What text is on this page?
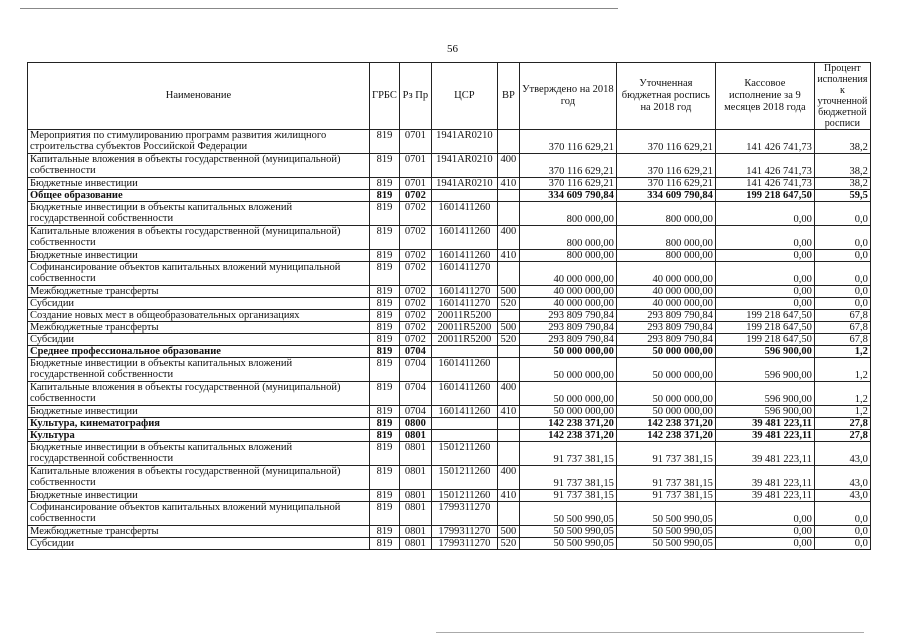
56
Наименование	ГРБС	Рз Пр	ЦСР	ВР	Утверждено на 2018 год	Уточненная бюджетная роспись на 2018 год	Кассовое исполнение за 9 месяцев 2018 года	Процент исполнения к уточненной бюджетной росписи
Мероприятия по стимулированию программ развития жилищного строительства субъектов Российской Федерации	819	0701	1941AR0210		370 116 629,21	370 116 629,21	141 426 741,73	38,2
Капитальные вложения в объекты государственной (муниципальной) собственности	819	0701	1941AR0210	400	370 116 629,21	370 116 629,21	141 426 741,73	38,2
Бюджетные инвестиции	819	0701	1941AR0210	410	370 116 629,21	370 116 629,21	141 426 741,73	38,2
Общее образование	819	0702			334 609 790,84	334 609 790,84	199 218 647,50	59,5
Бюджетные инвестиции в объекты капитальных вложений государственной собственности	819	0702	1601411260		800 000,00	800 000,00	0,00	0,0
Капитальные вложения в объекты государственной (муниципальной) собственности	819	0702	1601411260	400	800 000,00	800 000,00	0,00	0,0
Бюджетные инвестиции	819	0702	1601411260	410	800 000,00	800 000,00	0,00	0,0
Софинансирование объектов капитальных вложений муниципальной собственности	819	0702	1601411270		40 000 000,00	40 000 000,00	0,00	0,0
Межбюджетные трансферты	819	0702	1601411270	500	40 000 000,00	40 000 000,00	0,00	0,0
Субсидии	819	0702	1601411270	520	40 000 000,00	40 000 000,00	0,00	0,0
Создание новых мест в общеобразовательных организациях	819	0702	20011R5200		293 809 790,84	293 809 790,84	199 218 647,50	67,8
Межбюджетные трансферты	819	0702	20011R5200	500	293 809 790,84	293 809 790,84	199 218 647,50	67,8
Субсидии	819	0702	20011R5200	520	293 809 790,84	293 809 790,84	199 218 647,50	67,8
Среднее профессиональное образование	819	0704			50 000 000,00	50 000 000,00	596 900,00	1,2
Бюджетные инвестиции в объекты капитальных вложений государственной собственности	819	0704	1601411260		50 000 000,00	50 000 000,00	596 900,00	1,2
Капитальные вложения в объекты государственной (муниципальной) собственности	819	0704	1601411260	400	50 000 000,00	50 000 000,00	596 900,00	1,2
Бюджетные инвестиции	819	0704	1601411260	410	50 000 000,00	50 000 000,00	596 900,00	1,2
Культура, кинематография	819	0800			142 238 371,20	142 238 371,20	39 481 223,11	27,8
Культура	819	0801			142 238 371,20	142 238 371,20	39 481 223,11	27,8
Бюджетные инвестиции в объекты капитальных вложений государственной собственности	819	0801	1501211260		91 737 381,15	91 737 381,15	39 481 223,11	43,0
Капитальные вложения в объекты государственной (муниципальной) собственности	819	0801	1501211260	400	91 737 381,15	91 737 381,15	39 481 223,11	43,0
Бюджетные инвестиции	819	0801	1501211260	410	91 737 381,15	91 737 381,15	39 481 223,11	43,0
Софинансирование объектов капитальных вложений муниципальной собственности	819	0801	1799311270		50 500 990,05	50 500 990,05	0,00	0,0
Межбюджетные трансферты	819	0801	1799311270	500	50 500 990,05	50 500 990,05	0,00	0,0
Субсидии	819	0801	1799311270	520	50 500 990,05	50 500 990,05	0,00	0,0
